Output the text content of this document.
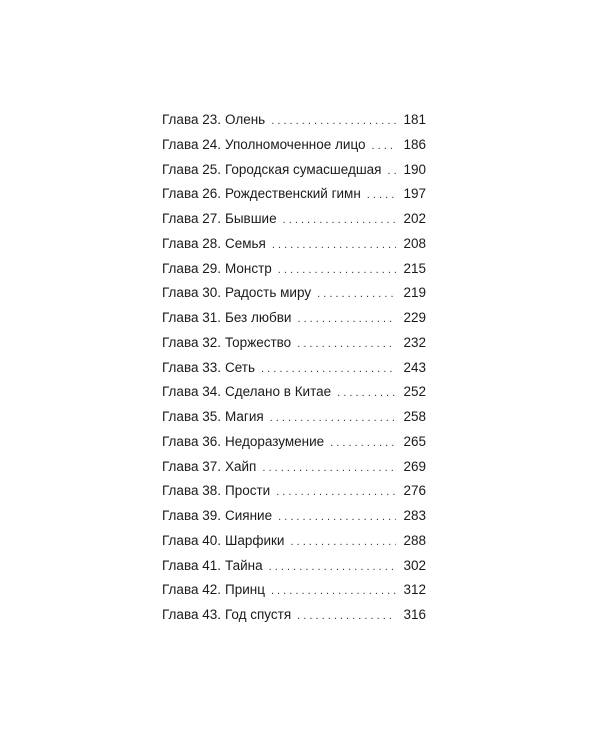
Глава 23. Олень . . .	181
Глава 24. Уполномоченное лицо . . .	186
Глава 25. Городская сумасшедшая . . . 190
Глава 26. Рождественский гимн . . .	197
Глава 27. Бывшие . . .	202
Глава 28. Семья . . .	208
Глава 29. Монстр . . .	215
Глава 30. Радость миру . . .	219
Глава 31. Без любви . . .	229
Глава 32. Торжество . . .	232
Глава 33. Сеть . . .	243
Глава 34. Сделано в Китае . . .	252
Глава 35. Магия . . .	258
Глава 36. Недоразумение . . .	265
Глава 37. Хайп . . .	269
Глава 38. Прости . . .	276
Глава 39. Сияние . . .	283
Глава 40. Шарфики . . .	288
Глава 41. Тайна . . .	302
Глава 42. Принц . . .	312
Глава 43. Год спустя . . .	316
